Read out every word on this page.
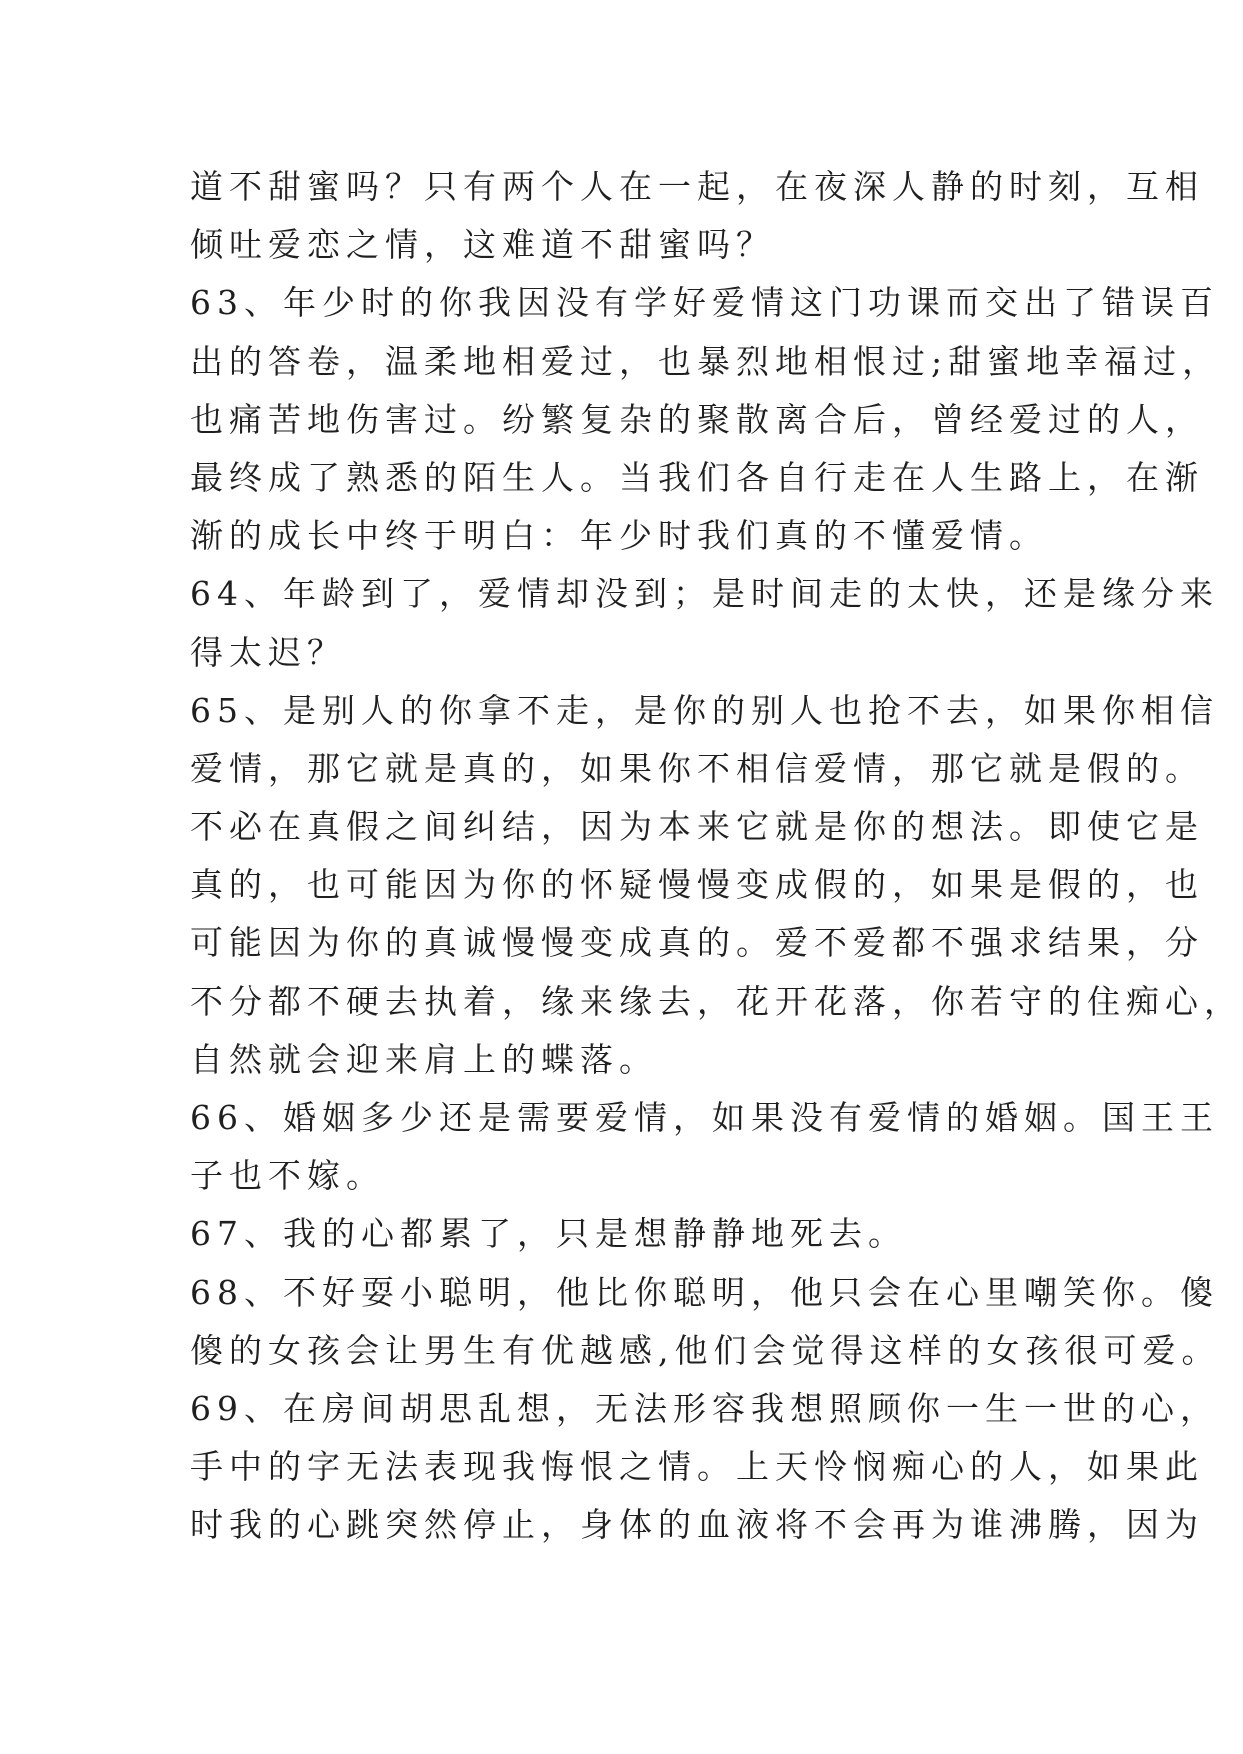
道不甜蜜吗？只有两个人在一起，在夜深人静的时刻，互相
倾吐爱恋之情，这难道不甜蜜吗？
63、年少时的你我因没有学好爱情这门功课而交出了错误百
出的答卷，温柔地相爱过，也暴烈地相恨过;甜蜜地幸福过，
也痛苦地伤害过。纷繁复杂的聚散离合后，曾经爱过的人，
最终成了熟悉的陌生人。当我们各自行走在人生路上，在渐
渐的成长中终于明白：年少时我们真的不懂爱情。
64、年龄到了，爱情却没到；是时间走的太快，还是缘分来
得太迟？
65、是别人的你拿不走，是你的别人也抢不去，如果你相信
爱情，那它就是真的，如果你不相信爱情，那它就是假的。
不必在真假之间纠结，因为本来它就是你的想法。即使它是
真的，也可能因为你的怀疑慢慢变成假的，如果是假的，也
可能因为你的真诚慢慢变成真的。爱不爱都不强求结果，分
不分都不硬去执着，缘来缘去，花开花落，你若守的住痴心，
自然就会迎来肩上的蝶落。
66、婚姻多少还是需要爱情，如果没有爱情的婚姻。国王王
子也不嫁。
67、我的心都累了，只是想静静地死去。
68、不好耍小聪明，他比你聪明，他只会在心里嘲笑你。傻
傻的女孩会让男生有优越感,他们会觉得这样的女孩很可爱。
69、在房间胡思乱想，无法形容我想照顾你一生一世的心，
手中的字无法表现我悔恨之情。上天怜悯痴心的人，如果此
时我的心跳突然停止，身体的血液将不会再为谁沸腾，因为
